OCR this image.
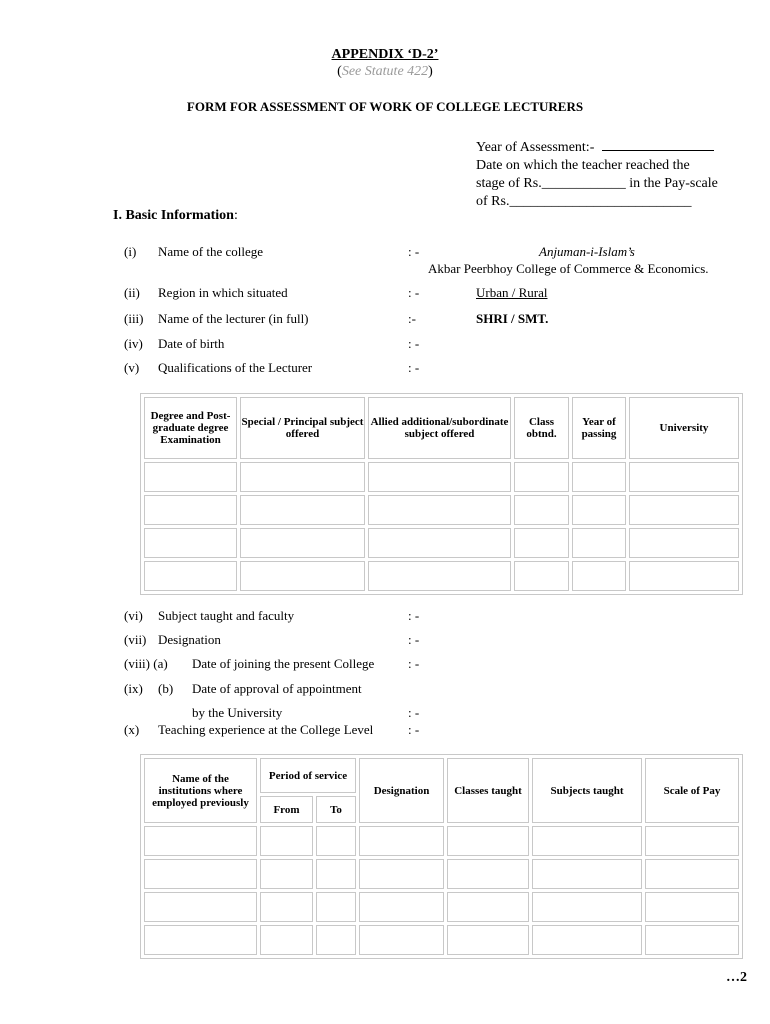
APPENDIX ‘D-2’
(See Statute 422)
FORM FOR ASSESSMENT OF WORK OF COLLEGE LECTURERS
Year of Assessment:-
Date on which the teacher reached the
stage of Rs.____________ in the Pay-scale
of Rs.__________________________
I. Basic Information:
(i) Name of the college	: -	Anjuman-i-Islam’s
Akbar Peerbhoy College of Commerce & Economics.
(ii) Region in which situated	: -	Urban / Rural
(iii) Name of the lecturer (in full)	:-	SHRI / SMT.
(iv) Date of birth	: -
(v) Qualifications of the Lecturer	: -
Degree and Post-graduate degree Examination	Special / Principal subject offered	Allied additional/subordinate subject offered	Class obtnd.	Year of passing	University

(vi) Subject taught and faculty	: -
(vii) Designation	: -
(viii) (a) Date of joining the present College	: -
(ix) (b) Date of approval of appointment
by the University	: -
(x) Teaching experience at the College Level	: -
Name of the institutions where employed previously	Period of service		Designation	Classes taught	Subjects taught	Scale of Pay
	From	To				

…2
